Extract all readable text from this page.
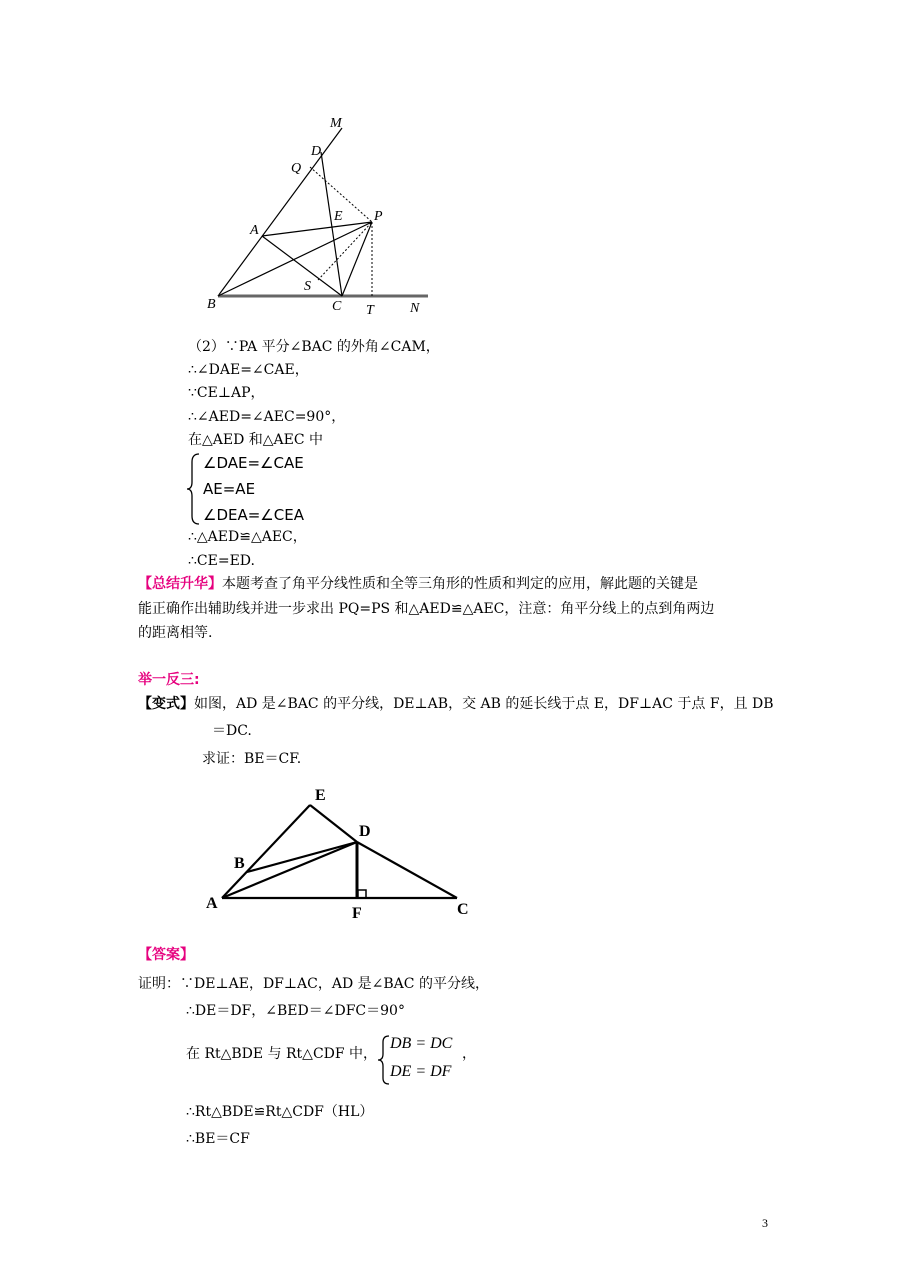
M
D
Q
E P
A
S
B	C T	N
（2）∵PA 平分∠BAC 的外角∠CAM，
∴∠DAE=∠CAE，
∵CE⊥AP，
∴∠AED=∠AEC=90°，
在△AED 和△AEC 中
∠DAE=∠CAE
AE=AE
∠DEA=∠CEA
∴△AED≌△AEC，
∴CE=ED.
【总结升华】本题考查了角平分线性质和全等三角形的性质和判定的应用，解此题的关键是
能正确作出辅助线并进一步求出 PQ=PS 和△AED≌△AEC，注意：角平分线上的点到角两边
的距离相等.
举一反三:
【变式】如图，AD 是∠BAC 的平分线，DE⊥AB，交 AB 的延长线于点 E，DF⊥AC 于点 F，且 DB
＝DC.
求证：BE＝CF.
E
D
B
A
F	C
【答案】
证明：∵DE⊥AE，DF⊥AC，AD 是∠BAC 的平分线，
∴DE＝DF，∠BED＝∠DFC＝90°
在 Rt△BDE 与 Rt△CDF 中，
DB = DC
DE = DF
，
∴Rt△BDE≌Rt△CDF（HL）
∴BE＝CF
3
